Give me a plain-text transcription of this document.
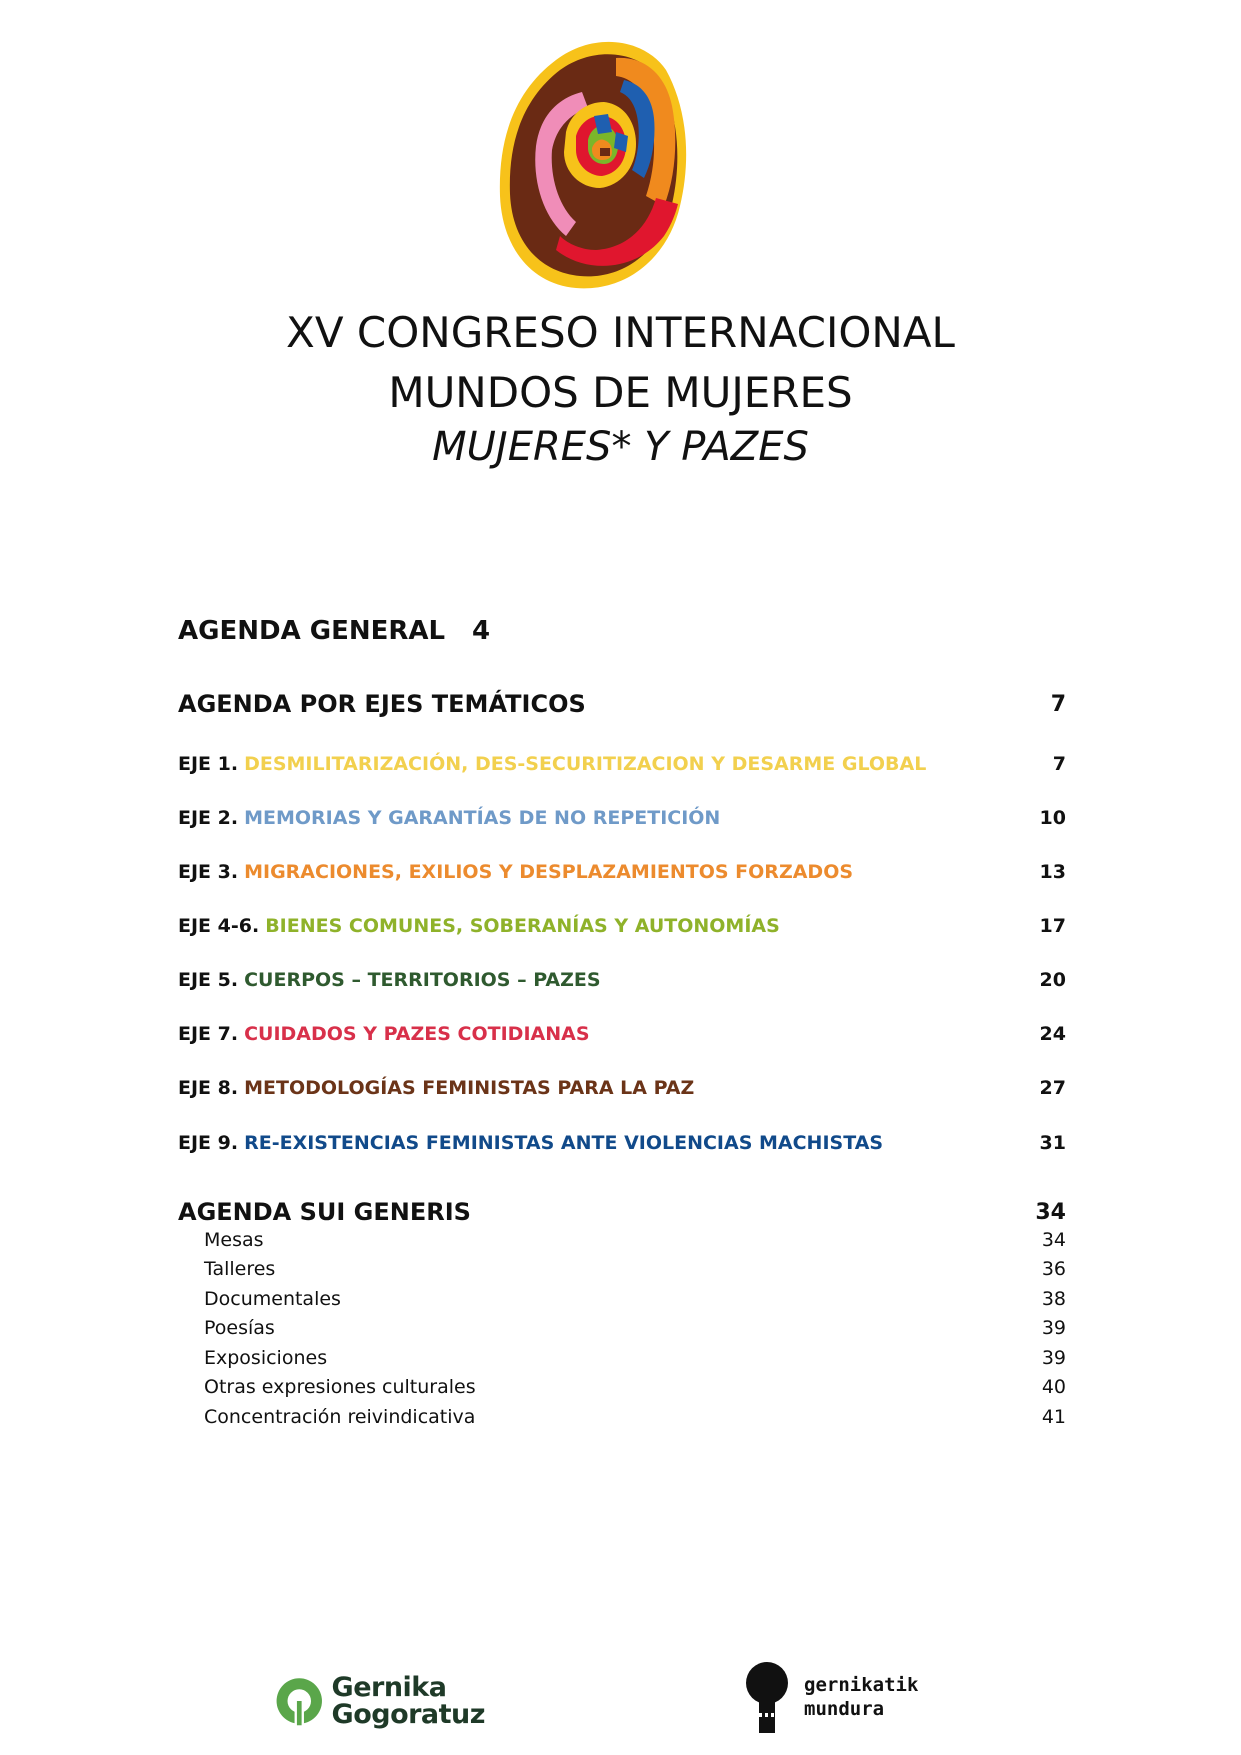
XV CONGRESO INTERNACIONAL
MUNDOS DE MUJERES
MUJERES* Y PAZES
AGENDA GENERAL 4
AGENDA POR EJES TEMÁTICOS	7
EJE 1. DESMILITARIZACIÓN, DES-SECURITIZACION Y DESARME GLOBAL	7
EJE 2. MEMORIAS Y GARANTÍAS DE NO REPETICIÓN	10
EJE 3. MIGRACIONES, EXILIOS Y DESPLAZAMIENTOS FORZADOS	13
EJE 4-6. BIENES COMUNES, SOBERANÍAS Y AUTONOMÍAS	17
EJE 5. CUERPOS – TERRITORIOS – PAZES	20
EJE 7. CUIDADOS Y PAZES COTIDIANAS	24
EJE 8. METODOLOGÍAS FEMINISTAS PARA LA PAZ	27
EJE 9. RE-EXISTENCIAS FEMINISTAS ANTE VIOLENCIAS MACHISTAS	31
AGENDA SUI GENERIS	34
Mesas	34
Talleres	36
Documentales	38
Poesías	39
Exposiciones	39
Otras expresiones culturales	40
Concentración reivindicativa	41
Gernika
Gogoratuz
gernikatik
mundura
